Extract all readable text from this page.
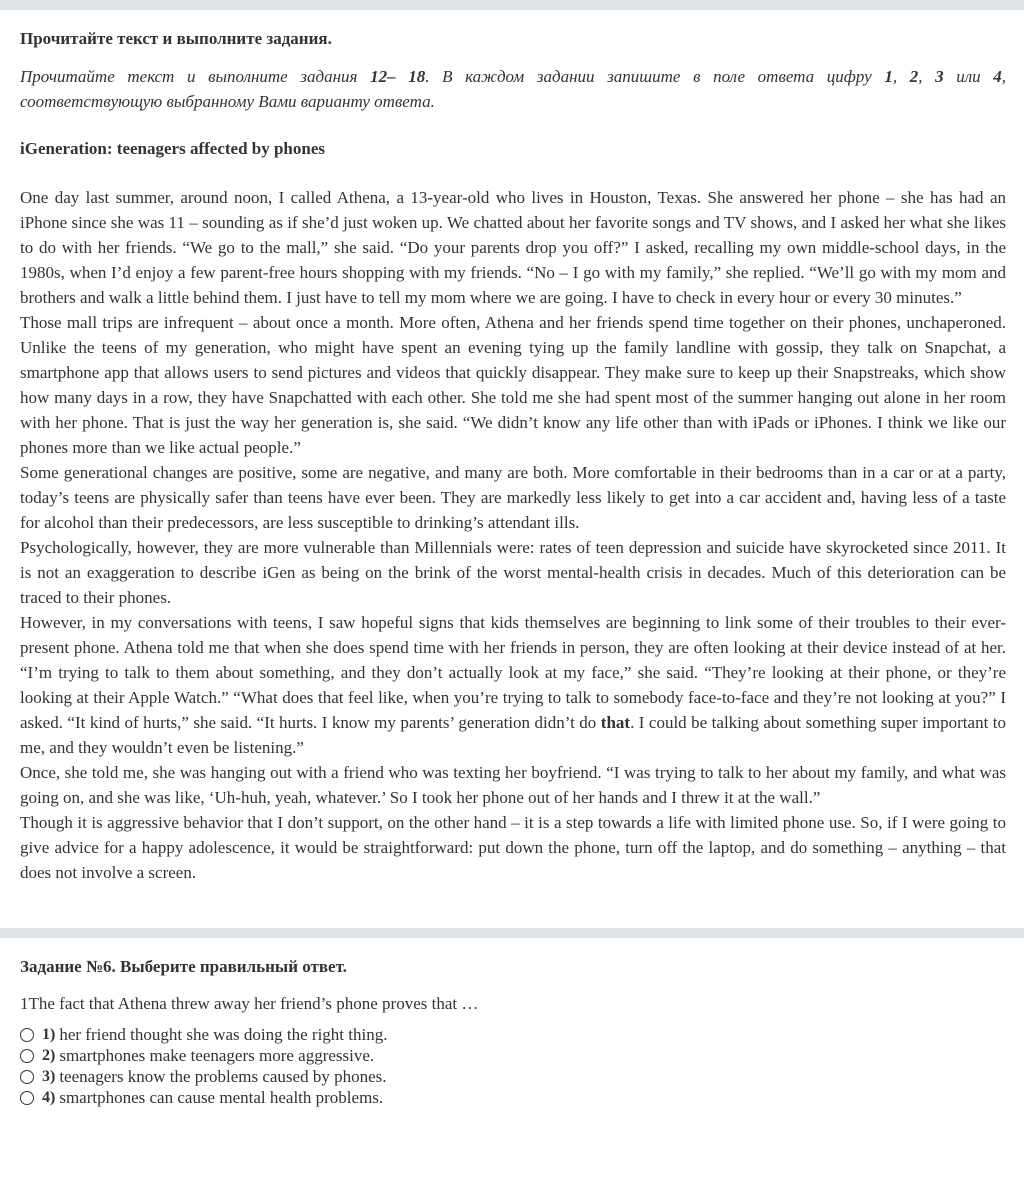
Прочитайте текст и выполните задания.
Прочитайте текст и выполните задания 12– 18. В каждом задании запишите в поле ответа цифру 1, 2, 3 или 4, соответствующую выбранному Вами варианту ответа.
iGeneration: teenagers affected by phones

One day last summer, around noon, I called Athena, a 13-year-old who lives in Houston, Texas. She answered her phone – she has had an iPhone since she was 11 – sounding as if she’d just woken up. We chatted about her favorite songs and TV shows, and I asked her what she likes to do with her friends. “We go to the mall,” she said. “Do your parents drop you off?” I asked, recalling my own middle-school days, in the 1980s, when I’d enjoy a few parent-free hours shopping with my friends. “No – I go with my family,” she replied. “We’ll go with my mom and brothers and walk a little behind them. I just have to tell my mom where we are going. I have to check in every hour or every 30 minutes.”

Those mall trips are infrequent – about once a month. More often, Athena and her friends spend time together on their phones, unchaperoned. Unlike the teens of my generation, who might have spent an evening tying up the family landline with gossip, they talk on Snapchat, a smartphone app that allows users to send pictures and videos that quickly disappear. They make sure to keep up their Snapstreaks, which show how many days in a row, they have Snapchatted with each other. She told me she had spent most of the summer hanging out alone in her room with her phone. That is just the way her generation is, she said. “We didn’t know any life other than with iPads or iPhones. I think we like our phones more than we like actual people.”

Some generational changes are positive, some are negative, and many are both. More comfortable in their bedrooms than in a car or at a party, today’s teens are physically safer than teens have ever been. They are markedly less likely to get into a car accident and, having less of a taste for alcohol than their predecessors, are less susceptible to drinking’s attendant ills.

Psychologically, however, they are more vulnerable than Millennials were: rates of teen depression and suicide have skyrocketed since 2011. It is not an exaggeration to describe iGen as being on the brink of the worst mental-health crisis in decades. Much of this deterioration can be traced to their phones.

However, in my conversations with teens, I saw hopeful signs that kids themselves are beginning to link some of their troubles to their ever-present phone. Athena told me that when she does spend time with her friends in person, they are often looking at their device instead of at her. “I’m trying to talk to them about something, and they don’t actually look at my face,” she said. “They’re looking at their phone, or they’re looking at their Apple Watch.” “What does that feel like, when you’re trying to talk to somebody face-to-face and they’re not looking at you?” I asked. “It kind of hurts,” she said. “It hurts. I know my parents’ generation didn’t do that. I could be talking about something super important to me, and they wouldn’t even be listening.”

Once, she told me, she was hanging out with a friend who was texting her boyfriend. “I was trying to talk to her about my family, and what was going on, and she was like, ‘Uh-huh, yeah, whatever.’ So I took her phone out of her hands and I threw it at the wall.”

Though it is aggressive behavior that I don’t support, on the other hand – it is a step towards a life with limited phone use. So, if I were going to give advice for a happy adolescence, it would be straightforward: put down the phone, turn off the laptop, and do something – anything – that does not involve a screen.

Задание №6. Выберите правильный ответ.
1The fact that Athena threw away her friend’s phone proves that …
1) her friend thought she was doing the right thing.
2) smartphones make teenagers more aggressive.
3) teenagers know the problems caused by phones.
4) smartphones can cause mental health problems.
